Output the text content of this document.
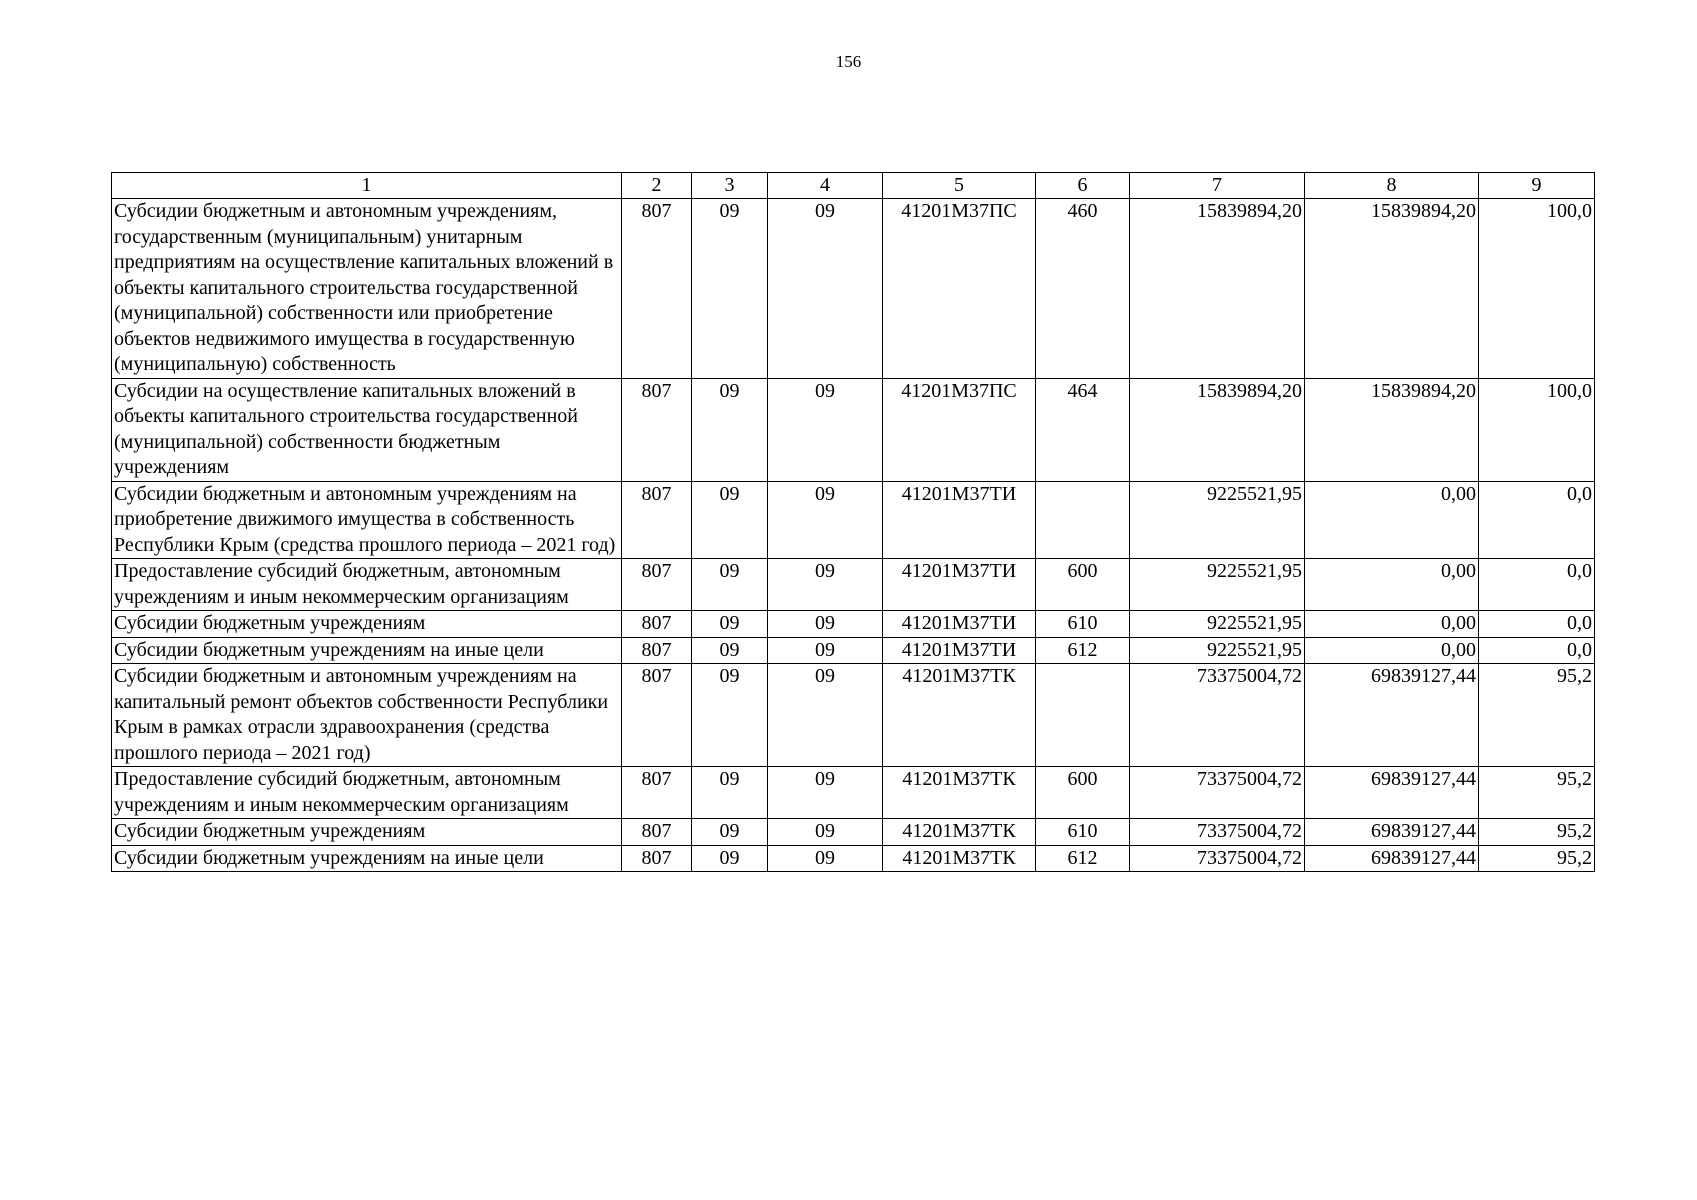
156
1	2	3	4	5	6	7	8	9
Субсидии бюджетным и автономным учреждениям, государственным (муниципальным) унитарным предприятиям на осуществление капитальных вложений в объекты капитального строительства государственной (муниципальной) собственности или приобретение объектов недвижимого имущества в государственную (муниципальную) собственность	807	09	09	41201М37ПС	460	15839894,20	15839894,20	100,0
Субсидии на осуществление капитальных вложений в объекты капитального строительства государственной (муниципальной) собственности бюджетным учреждениям	807	09	09	41201М37ПС	464	15839894,20	15839894,20	100,0
Субсидии бюджетным и автономным учреждениям на приобретение движимого имущества в собственность Республики Крым (средства прошлого периода – 2021 год)	807	09	09	41201М37ТИ		9225521,95	0,00	0,0
Предоставление субсидий бюджетным, автономным учреждениям и иным некоммерческим организациям	807	09	09	41201М37ТИ	600	9225521,95	0,00	0,0
Субсидии бюджетным учреждениям	807	09	09	41201М37ТИ	610	9225521,95	0,00	0,0
Субсидии бюджетным учреждениям на иные цели	807	09	09	41201М37ТИ	612	9225521,95	0,00	0,0
Субсидии бюджетным и автономным учреждениям на капитальный ремонт объектов собственности Республики Крым в рамках отрасли здравоохранения (средства прошлого периода – 2021 год)	807	09	09	41201М37ТК		73375004,72	69839127,44	95,2
Предоставление субсидий бюджетным, автономным учреждениям и иным некоммерческим организациям	807	09	09	41201М37ТК	600	73375004,72	69839127,44	95,2
Субсидии бюджетным учреждениям	807	09	09	41201М37ТК	610	73375004,72	69839127,44	95,2
Субсидии бюджетным учреждениям на иные цели	807	09	09	41201М37ТК	612	73375004,72	69839127,44	95,2
